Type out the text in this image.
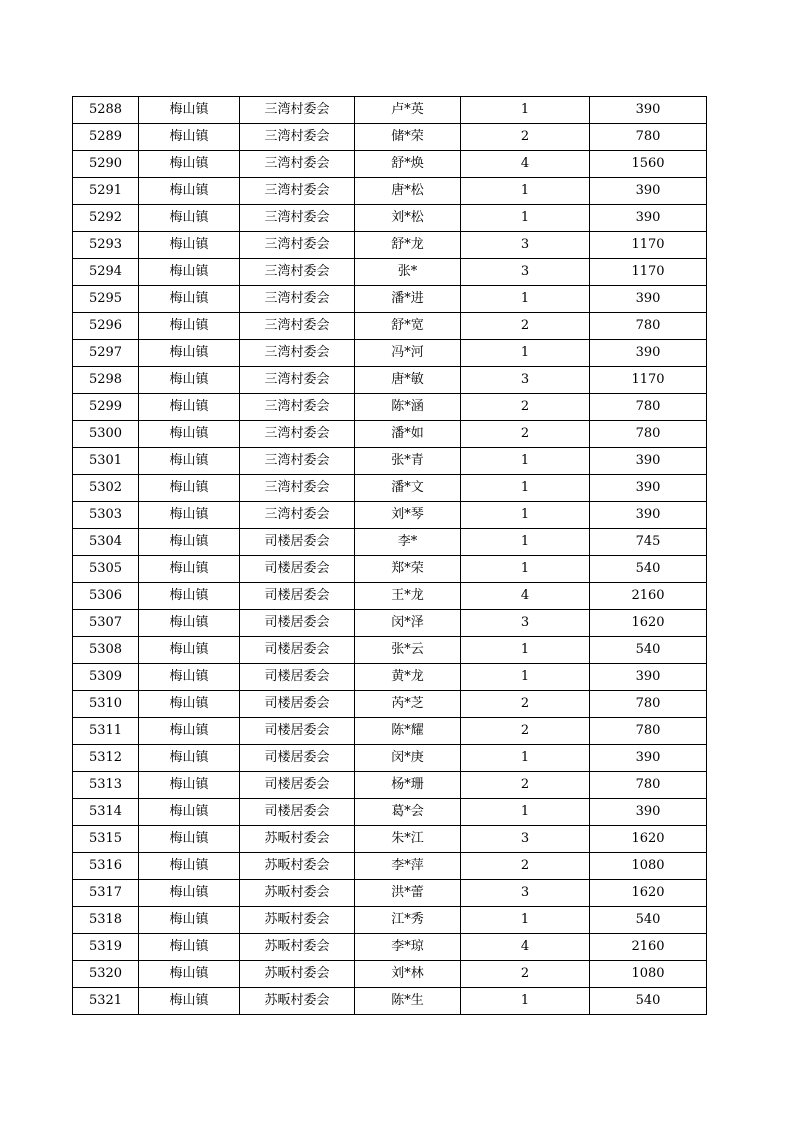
5288	梅山镇	三湾村委会	卢*英	1	390
5289	梅山镇	三湾村委会	储*荣	2	780
5290	梅山镇	三湾村委会	舒*焕	4	1560
5291	梅山镇	三湾村委会	唐*松	1	390
5292	梅山镇	三湾村委会	刘*松	1	390
5293	梅山镇	三湾村委会	舒*龙	3	1170
5294	梅山镇	三湾村委会	张*	3	1170
5295	梅山镇	三湾村委会	潘*进	1	390
5296	梅山镇	三湾村委会	舒*宽	2	780
5297	梅山镇	三湾村委会	冯*河	1	390
5298	梅山镇	三湾村委会	唐*敏	3	1170
5299	梅山镇	三湾村委会	陈*涵	2	780
5300	梅山镇	三湾村委会	潘*如	2	780
5301	梅山镇	三湾村委会	张*青	1	390
5302	梅山镇	三湾村委会	潘*文	1	390
5303	梅山镇	三湾村委会	刘*琴	1	390
5304	梅山镇	司楼居委会	李*	1	745
5305	梅山镇	司楼居委会	郑*荣	1	540
5306	梅山镇	司楼居委会	王*龙	4	2160
5307	梅山镇	司楼居委会	闵*泽	3	1620
5308	梅山镇	司楼居委会	张*云	1	540
5309	梅山镇	司楼居委会	黄*龙	1	390
5310	梅山镇	司楼居委会	芮*芝	2	780
5311	梅山镇	司楼居委会	陈*耀	2	780
5312	梅山镇	司楼居委会	闵*庚	1	390
5313	梅山镇	司楼居委会	杨*珊	2	780
5314	梅山镇	司楼居委会	葛*会	1	390
5315	梅山镇	苏畈村委会	朱*江	3	1620
5316	梅山镇	苏畈村委会	李*萍	2	1080
5317	梅山镇	苏畈村委会	洪*蕾	3	1620
5318	梅山镇	苏畈村委会	江*秀	1	540
5319	梅山镇	苏畈村委会	李*琼	4	2160
5320	梅山镇	苏畈村委会	刘*林	2	1080
5321	梅山镇	苏畈村委会	陈*生	1	540
